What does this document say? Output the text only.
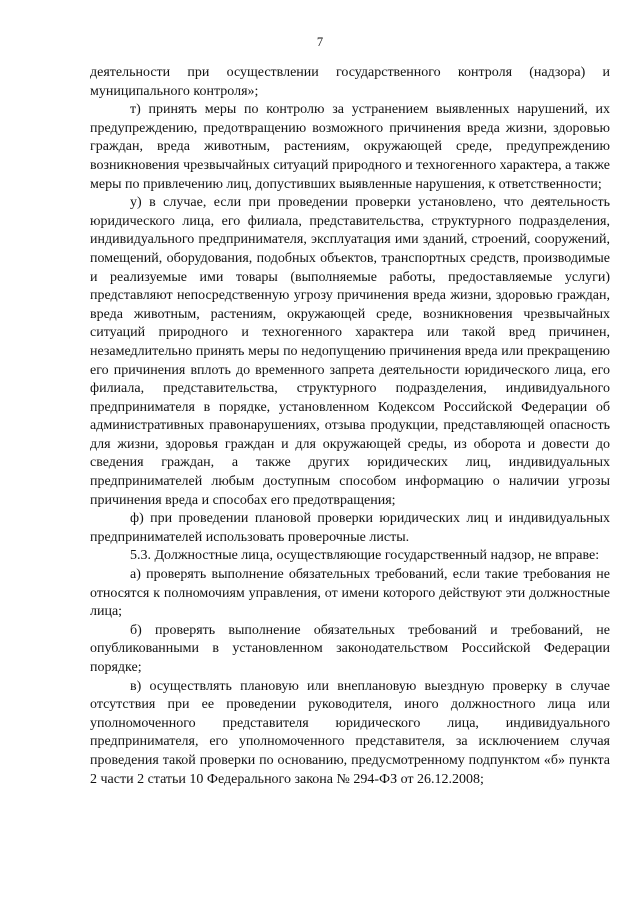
7

деятельности при осуществлении государственного контроля (надзора) и муниципального контроля»;

т) принять меры по контролю за устранением выявленных нарушений, их предупреждению, предотвращению возможного причинения вреда жизни, здоровью граждан, вреда животным, растениям, окружающей среде, предупреждению возникновения чрезвычайных ситуаций природного и техногенного характера, а также меры по привлечению лиц, допустивших выявленные нарушения, к ответственности;

у) в случае, если при проведении проверки установлено, что деятельность юридического лица, его филиала, представительства, структурного подразделения, индивидуального предпринимателя, эксплуатация ими зданий, строений, сооружений, помещений, оборудования, подобных объектов, транспортных средств, производимые и реализуемые ими товары (выполняемые работы, предоставляемые услуги) представляют непосредственную угрозу причинения вреда жизни, здоровью граждан, вреда животным, растениям, окружающей среде, возникновения чрезвычайных ситуаций природного и техногенного характера или такой вред причинен, незамедлительно принять меры по недопущению причинения вреда или прекращению его причинения вплоть до временного запрета деятельности юридического лица, его филиала, представительства, структурного подразделения, индивидуального предпринимателя в порядке, установленном Кодексом Российской Федерации об административных правонарушениях, отзыва продукции, представляющей опасность для жизни, здоровья граждан и для окружающей среды, из оборота и довести до сведения граждан, а также других юридических лиц, индивидуальных предпринимателей любым доступным способом информацию о наличии угрозы причинения вреда и способах его предотвращения;

ф) при проведении плановой проверки юридических лиц и индивидуальных предпринимателей использовать проверочные листы.

5.3. Должностные лица, осуществляющие государственный надзор, не вправе:

а) проверять выполнение обязательных требований, если такие требования не относятся к полномочиям управления, от имени которого действуют эти должностные лица;

б) проверять выполнение обязательных требований и требований, не опубликованными в установленном законодательством Российской Федерации порядке;

в) осуществлять плановую или внеплановую выездную проверку в случае отсутствия при ее проведении руководителя, иного должностного лица или уполномоченного представителя юридического лица, индивидуального предпринимателя, его уполномоченного представителя, за исключением случая проведения такой проверки по основанию, предусмотренному подпунктом «б» пункта 2 части 2 статьи 10 Федерального закона № 294-ФЗ от 26.12.2008;
